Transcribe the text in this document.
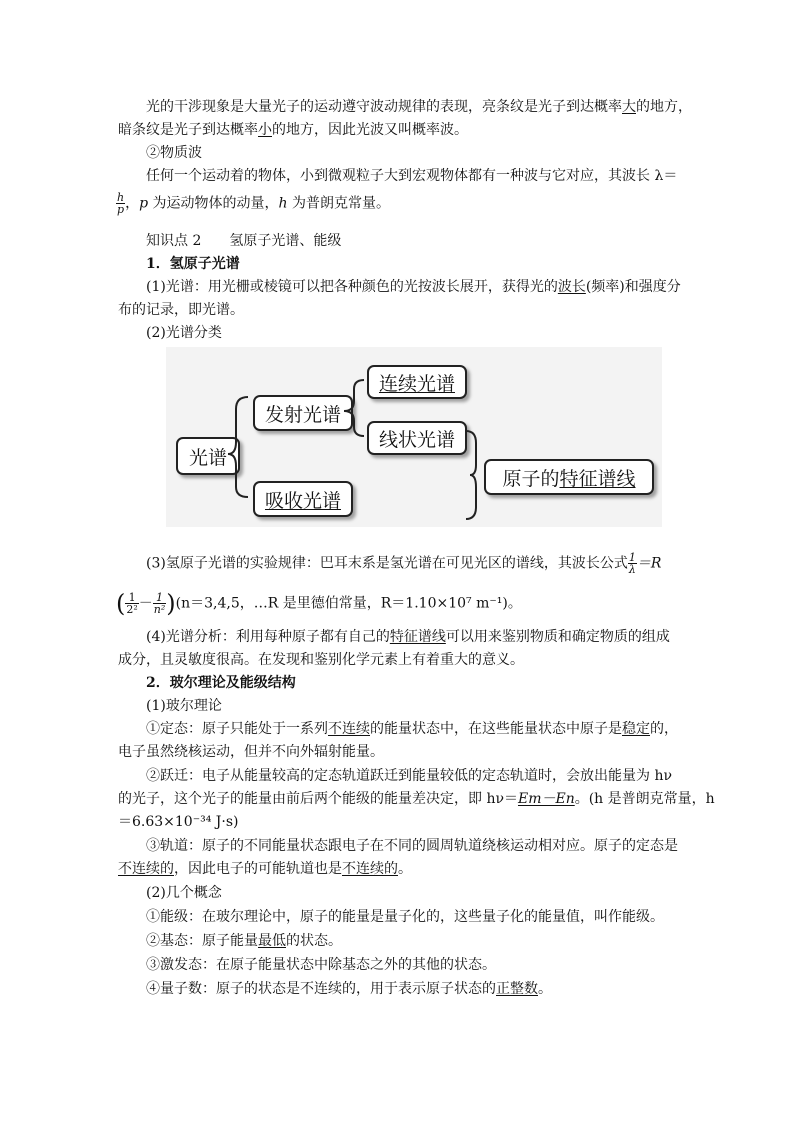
光的干涉现象是大量光子的运动遵守波动规律的表现，亮条纹是光子到达概率大的地方，
暗条纹是光子到达概率小的地方，因此光波又叫概率波。
②物质波
任何一个运动着的物体，小到微观粒子大到宏观物体都有一种波与它对应，其波长 λ＝
$\frac{h}{p}$ ，p 为运动物体的动量，h 为普朗克常量。
知识点 2　　氢原子光谱、能级
1．氢原子光谱
(1)光谱：用光栅或棱镜可以把各种颜色的光按波长展开，获得光的波长(频率)和强度分
布的记录，即光谱。
(2)光谱分类
光谱
发射光谱
吸收光谱
连续光谱
线状光谱
原子的 特征谱线
(3)氢原子光谱的实验规律：巴耳末系是氢光谱在可见光区的谱线，其波长公式 $\frac{1}{\lambda} =R$
( $\frac{1}{\text{2²}} - \frac{1}{\text{n²}} )(n=3,4,5$，…R 是里德伯常量，R＝1.10×10⁷ m⁻¹)。
(4)光谱分析：利用每种原子都有自己的特征谱线可以用来鉴别物质和确定物质的组成
成分，且灵敏度很高。在发现和鉴别化学元素上有着重大的意义。
2．玻尔理论及能级结构
(1)玻尔理论
①定态：原子只能处于一系列不连续的能量状态中，在这些能量状态中原子是稳定的，
电子虽然绕核运动，但并不向外辐射能量。
②跃迁：电子从能量较高的定态轨道跃迁到能量较低的定态轨道时，会放出能量为 hν
的光子，这个光子的能量由前后两个能级的能量差决定，即 hν＝Em－En。(h 是普朗克常量，h
＝6.63×10⁻³⁴ J·s)
③轨道：原子的不同能量状态跟电子在不同的圆周轨道绕核运动相对应。原子的定态是
不连续的，因此电子的可能轨道也是不连续的。
(2)几个概念
①能级：在玻尔理论中，原子的能量是量子化的，这些量子化的能量值，叫作能级。
②基态：原子能量最低的状态。
③激发态：在原子能量状态中除基态之外的其他的状态。
④量子数：原子的状态是不连续的，用于表示原子状态的正整数。
